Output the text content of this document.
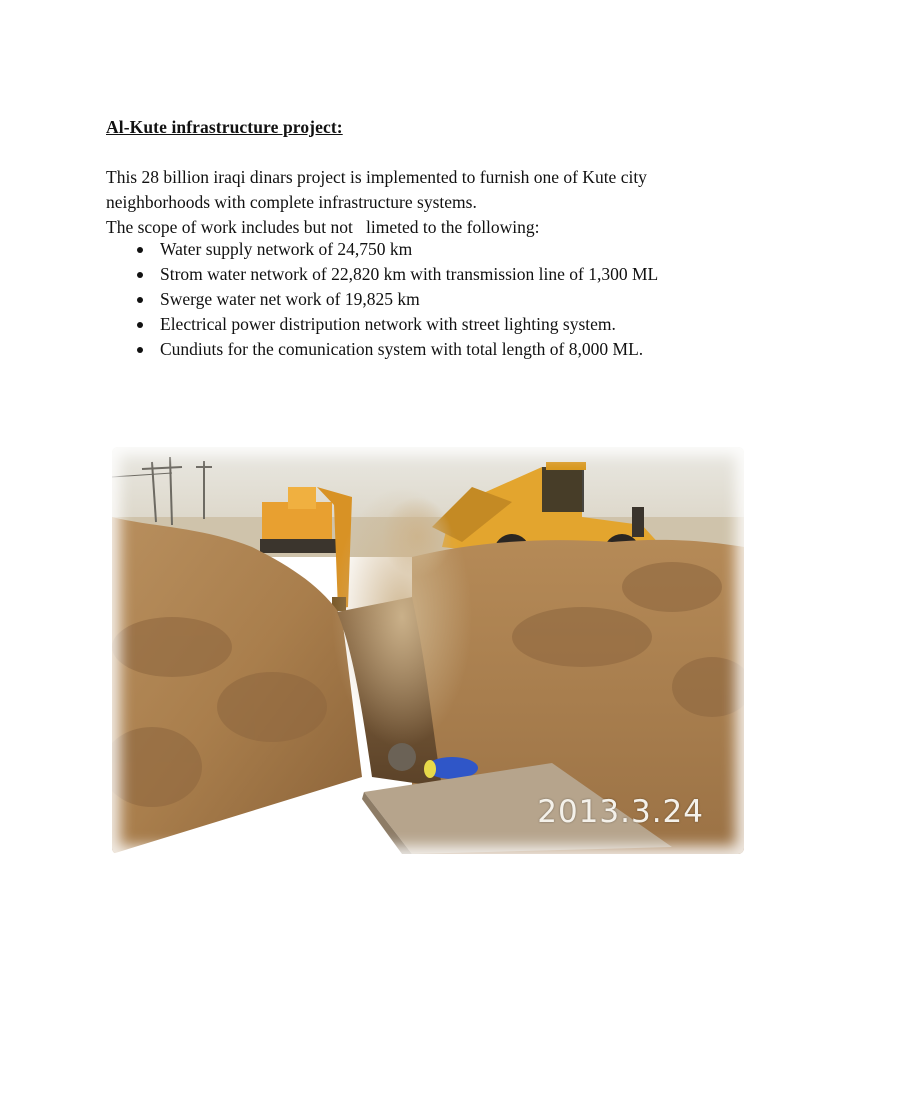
Al-Kute infrastructure project:

This 28 billion iraqi dinars project is implemented to furnish one of Kute city neighborhoods with complete infrastructure systems.

The scope of work includes but not   limeted to the following:

Water supply network of 24,750 km
Strom water network of 22,820 km with transmission line of 1,300 ML
Swerge water net work of 19,825 km
Electrical power distripution network with street lighting system.
Cundiuts for the comunication system with total length of 8,000 ML.
2013.3.24
